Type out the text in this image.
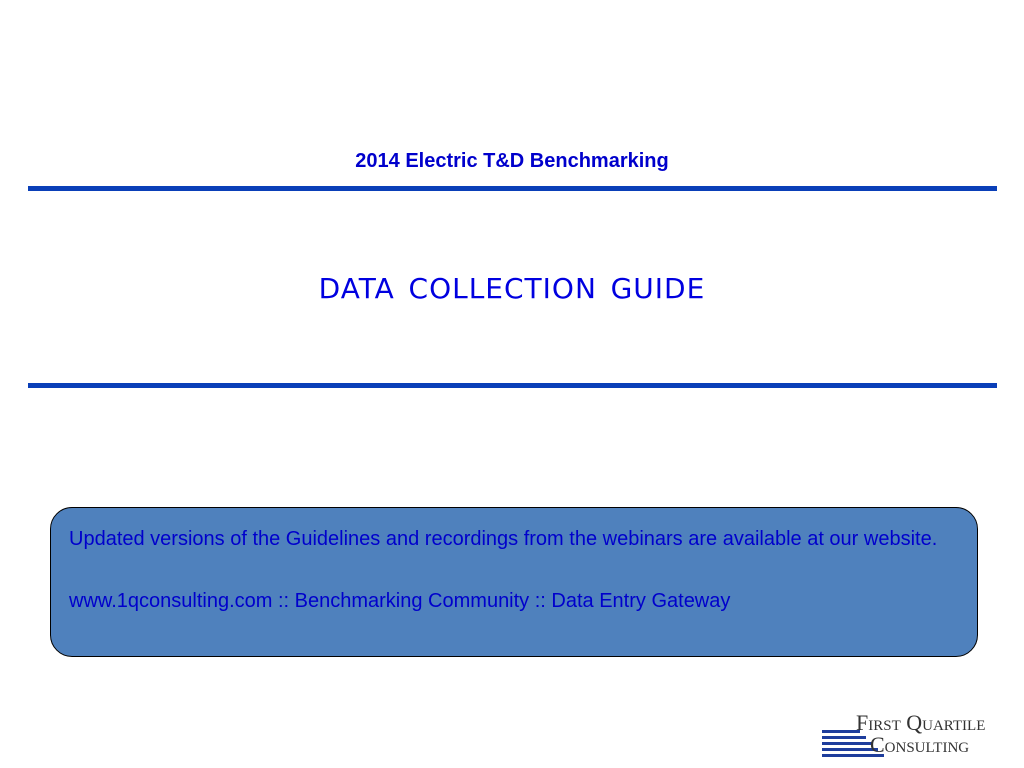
2014 Electric T&D Benchmarking
data collection guide

Updated versions of the Guidelines and recordings from the webinars are available at our website.

www.1qconsulting.com :: Benchmarking Community :: Data Entry Gateway

First Quartile
Consulting
